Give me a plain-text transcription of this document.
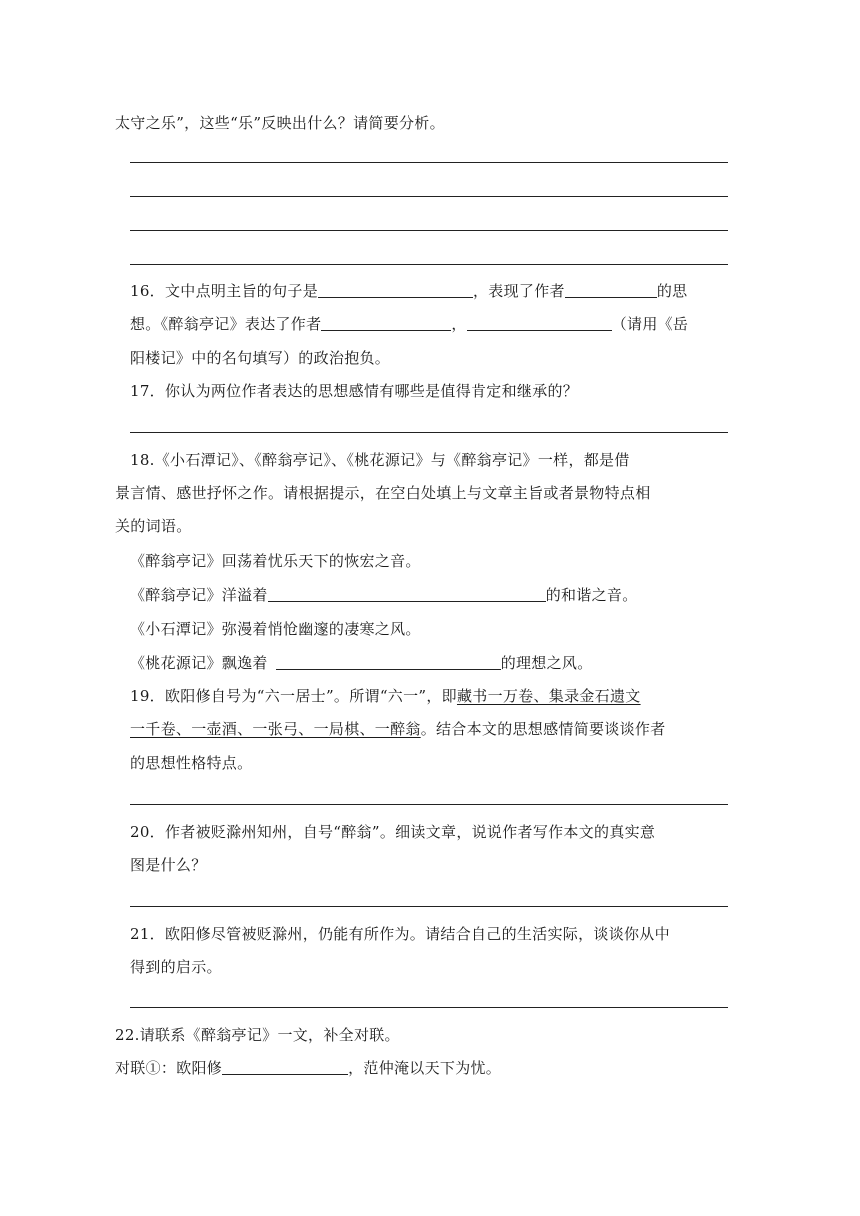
太守之乐”，这些“乐”反映出什么？请简要分析。
16．文中点明主旨的句子是	，表现了作者	的思
想。《醉翁亭记》表达了作者	，	（请用《岳
阳楼记》中的名句填写）的政治抱负。
17．你认为两位作者表达的思想感情有哪些是值得肯定和继承的？
18.《小石潭记》、《醉翁亭记》、《桃花源记》与《醉翁亭记》一样，都是借
景言情、感世抒怀之作。请根据提示，在空白处填上与文章主旨或者景物特点相
关的词语。
《醉翁亭记》回荡着忧乐天下的恢宏之音。
《醉翁亭记》洋溢着	的和谐之音。
《小石潭记》弥漫着悄怆幽邃的凄寒之风。
《桃花源记》飘逸着	的理想之风。
19．欧阳修自号为“六一居士”。所谓“六一”，即藏书一万卷、集录金石遗文
一千卷、一壶酒、一张弓、一局棋、一醉翁。结合本文的思想感情简要谈谈作者
的思想性格特点。
20．作者被贬滁州知州，自号“醉翁”。细读文章，说说作者写作本文的真实意
图是什么？
21．欧阳修尽管被贬滁州，仍能有所作为。请结合自己的生活实际，谈谈你从中
得到的启示。
22.请联系《醉翁亭记》一文，补全对联。
对联①：欧阳修	，范仲淹以天下为忧。
